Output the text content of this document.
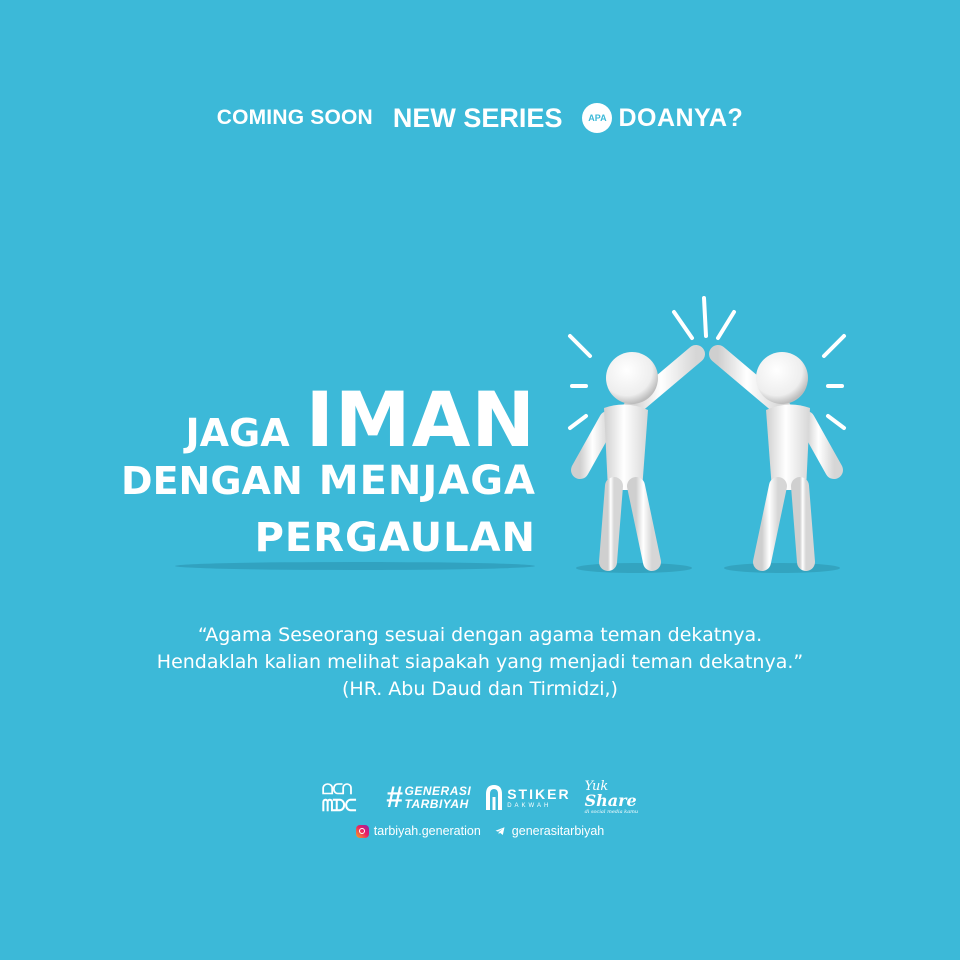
COMING SOON NEW SERIES	APA DOANYA?
JAGA IMAN
DENGAN MENJAGA
PERGAULAN
“Agama Seseorang sesuai dengan agama teman dekatnya.
Hendaklah kalian melihat siapakah yang menjadi teman dekatnya.”
(HR. Abu Daud dan Tirmidzi,)
ᗝᑕᑎ
ᗰᗪᑕ	# GENERASI
TARBIYAH
STIKER
DAKWAH
Yuk
Share
di social media kamu
tarbiyah.generation generasitarbiyah
